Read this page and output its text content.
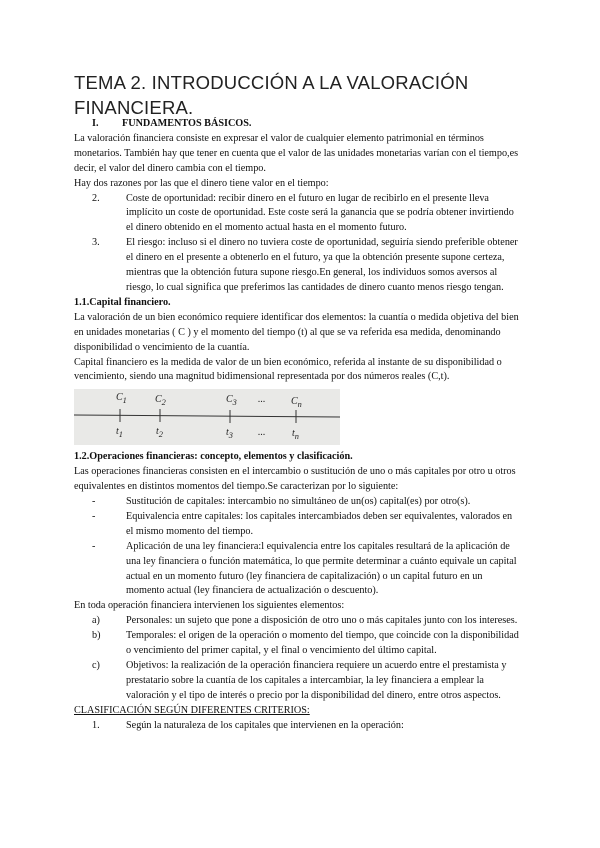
TEMA 2. INTRODUCCIÓN A LA VALORACIÓN FINANCIERA.

I. FUNDAMENTOS BÁSICOS.

La valoración financiera consiste en expresar el valor de cualquier elemento patrimonial en términos monetarios. También hay que tener en cuenta que el valor de las unidades monetarias varían con el tiempo,es decir, el valor del dinero cambia con el tiempo.

Hay dos razones por las que el dinero tiene valor en el tiempo:

2.	Coste de oportunidad: recibir dinero en el futuro en lugar de recibirlo en el presente lleva implícito un coste de oportunidad. Este coste será la ganancia que se podría obtener invirtiendo el dinero obtenido en el momento actual hasta en el momento futuro.
3.	El riesgo: incluso si el dinero no tuviera coste de oportunidad, seguiría siendo preferible obtener el dinero en el presente a obtenerlo en el futuro, ya que la obtención presente supone certeza, mientras que la obtención futura supone riesgo.En general, los individuos somos aversos al riesgo, lo cual significa que preferimos las cantidades de dinero cuanto menos riesgo tengan.

1.1.Capital financiero.

La valoración de un bien económico requiere identificar dos elementos: la cuantía o medida objetiva del bien en unidades monetarias ( C ) y el momento del tiempo (t) al que se va referida esa medida, denominando disponibilidad o vencimiento de la cuantía.

Capital financiero es la medida de valor de un bien económico, referida al instante de su disponibilidad o vencimiento, siendo una magnitud bidimensional representada por dos números reales (C,t).

$C_1$	$C_2$	$C_3$ ...	$C_n$
$t_1$	$t_2$	$t_3$	...	$t_n$

1.2.Operaciones financieras: concepto, elementos y clasificación.

Las operaciones financieras consisten en el intercambio o sustitución de uno o más capitales por otro u otros equivalentes en distintos momentos del tiempo.Se caracterizan por lo siguiente:

-	Sustitución de capitales: intercambio no simultáneo de un(os) capital(es) por otro(s).
-	Equivalencia entre capitales: los capitales intercambiados deben ser equivalentes, valorados en el mismo momento del tiempo.
-	Aplicación de una ley financiera:l equivalencia entre los capitales resultará de la aplicación de una ley financiera o función matemática, lo que permite determinar a cuánto equivale un capital actual en un momento futuro (ley financiera de capitalización) o un capital futuro en un momento actual (ley financiera de actualización o descuento).

En toda operación financiera intervienen los siguientes elementos:

a)	Personales: un sujeto que pone a disposición de otro uno o más capitales junto con los intereses.
b)	Temporales: el origen de la operación o momento del tiempo, que coincide con la disponibilidad o vencimiento del primer capital, y el final o vencimiento del último capital.
c)	Objetivos: la realización de la operación financiera requiere un acuerdo entre el prestamista y prestatario sobre la cuantía de los capitales a intercambiar, la ley financiera a emplear la valoración y el tipo de interés o precio por la disponibilidad del dinero, entre otros aspectos.

CLASIFICACIÓN SEGÚN DIFERENTES CRITERIOS:

1.	Según la naturaleza de los capitales que intervienen en la operación:
